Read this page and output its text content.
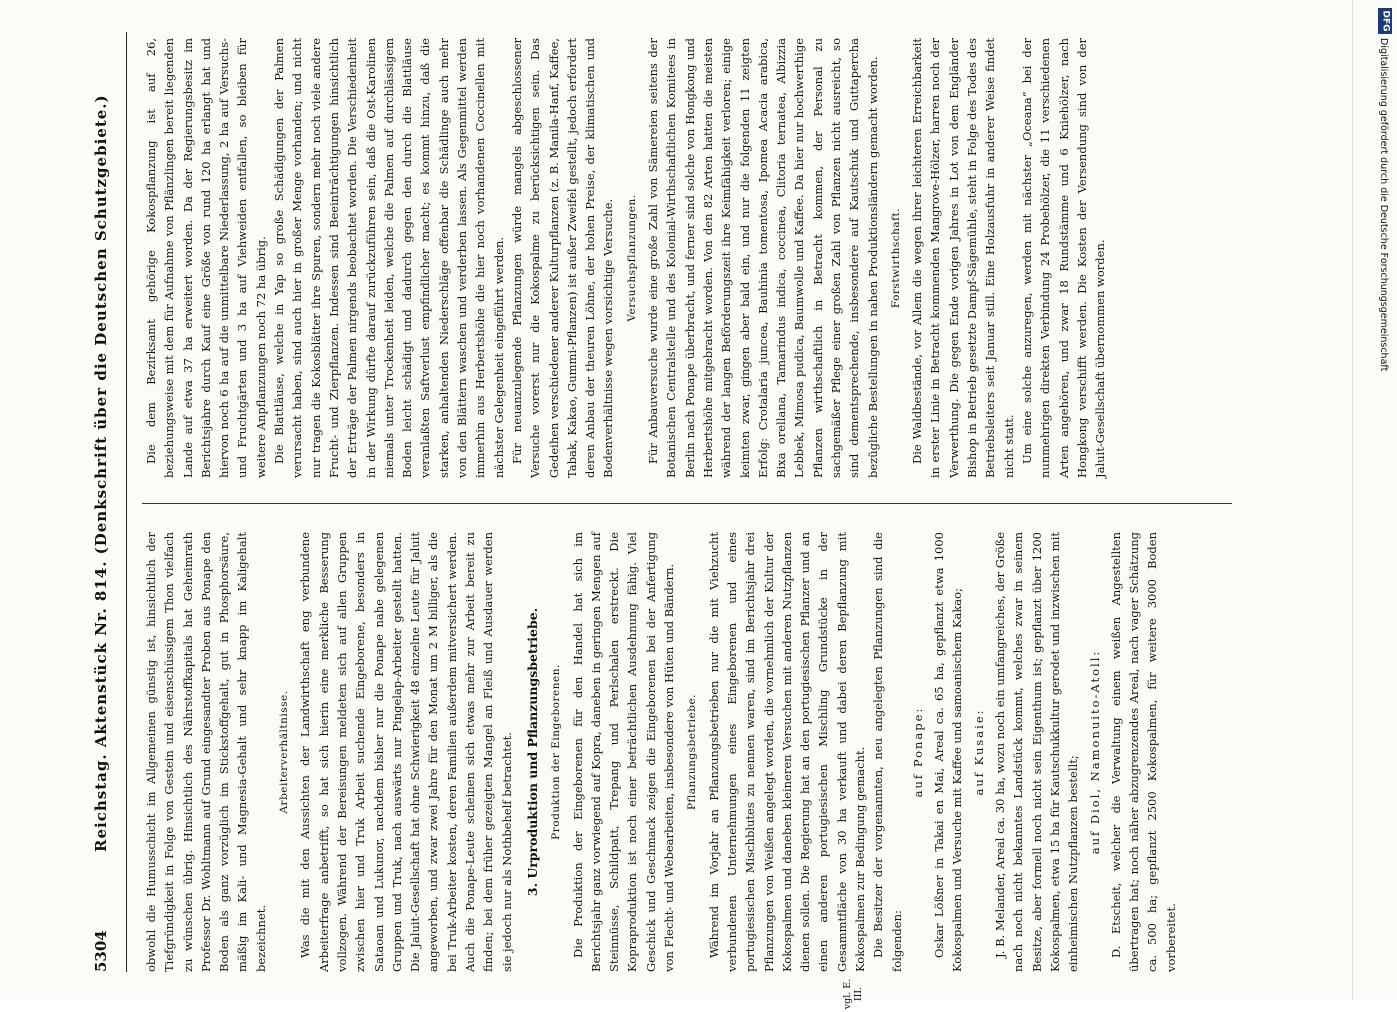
5304
Reichstag. Aktenstück Nr. 814. (Denkschrift über die Deutschen Schutzgebiete.)
vgl. E. III.

obwohl die Humusschicht im Allgemeinen günstig ist, hinsichtlich der Tiefgründigkeit in Folge von Gestein und eisenschüssigem Thon vielfach zu wünschen übrig. Hinsichtlich des Nährstoffkapitals hat Geheimrath Professor Dr. Wohltmann auf Grund eingesandter Proben aus Ponape den Boden als ganz vorzüglich im Stickstoffgehalt, gut in Phosphorsäure, mäßig im Kali- und Magnesia-Gehalt und sehr knapp im Kaligehalt bezeichnet.

Arbeiterverhältnisse. Was die mit den Aussichten der Landwirthschaft eng verbundene Arbeiterfrage anbetrifft, so hat sich hierin eine merkliche Besserung vollzogen. Während der Bereisungen meldeten sich auf allen Gruppen zwischen hier und Truk Arbeit suchende Eingeborene, besonders in Sataoan und Lukunor, nachdem bisher nur die Ponape nahe gelegenen Gruppen und Truk, nach auswärts nur Pingelap-Arbeiter gestellt hatten. Die Jaluit-Gesellschaft hat ohne Schwierigkeit 48 einzelne Leute für Jaluit angeworben, und zwar zwei Jahre für den Monat um 2 M billiger, als die bei Truk-Arbeiter kosten, deren Familien außerdem mitversichert werden. Auch die Ponape-Leute scheinen sich etwas mehr zur Arbeit bereit zu finden; bei dem früher gezeigten Mangel an Fleiß und Ausdauer werden sie jedoch nur als Nothbehelf betrachtet. 3. Urproduktion und Pflanzungsbetriebe. Produktion der Eingeborenen. Die Produktion der Eingeborenen für den Handel hat sich im Berichtsjahr ganz vorwiegend auf Kopra, daneben in geringen Mengen auf Steinnüsse, Schildpatt, Trepang und Perlschalen erstreckt. Die Kopraproduktion ist noch einer beträchtlichen Ausdehnung fähig. Viel Geschick und Geschmack zeigen die Eingeborenen bei der Anfertigung von Flecht- und Webearbeiten, insbesondere von Hüten und Bändern. Pflanzungsbetriebe. Während im Vorjahr an Pflanzungsbetrieben nur die mit Viehzucht verbundenen Unternehmungen eines Eingeborenen und eines portugiesischen Mischblutes zu nennen waren, sind im Berichtsjahr drei Pflanzungen von Weißen angelegt worden, die vornehmlich der Kultur der Kokospalmen und daneben kleineren Versuchen mit anderen Nutzpflanzen dienen sollen. Die Regierung hat an den portugiesischen Pflanzer und an einen anderen portugiesischen Mischling Grundstücke in der Gesammtfläche von 30 ha verkauft und dabei deren Bepflanzung mit Kokospalmen zur Bedingung gemacht. Die Besitzer der vorgenannten, neu angelegten Pflanzungen sind die folgenden:

auf Ponape: Oskar Lößner in Takai en Mai, Areal ca. 65 ha, gepflanzt etwa 1000 Kokospalmen und Versuche mit Kaffee und samoanischem Kakao; auf Kusaie: J. B. Melander, Areal ca. 30 ha, wozu noch ein umfangreiches, der Größe nach noch nicht bekanntes Landstück kommt, welches zwar in seinem Besitze, aber formell noch nicht sein Eigenthum ist; gepflanzt über 1200 Kokospalmen, etwa 15 ha für Kautschukkultur gerodet und inzwischen mit einheimischen Nutzpflanzen bestellt;

auf Diol, Namonuito-Atoll: D. Etscheit, welcher die Verwaltung einem weißen Angestellten übertragen hat; noch näher abzugrenzendes Areal, nach vager Schätzung ca. 500 ha; gepflanzt 2500 Kokospalmen, für weitere 3000 Boden vorbereitet.

Die dem Bezirksamt gehörige Kokospflanzung ist auf 26, beziehungsweise mit dem für Aufnahme von Pflänzlingen bereit liegenden Lande auf etwa 37 ha erweitert worden. Da der Regierungsbesitz im Berichtsjahre durch Kauf eine Größe von rund 120 ha erlangt hat und hiervon noch 6 ha auf die unmittelbare Niederlassung, 2 ha auf Versuchs- und Fruchtgärten und 3 ha auf Viehweiden entfallen, so bleiben für weitere Anpflanzungen noch 72 ha übrig. Die Blattläuse, welche in Yap so große Schädigungen der Palmen verursacht haben, sind auch hier in großer Menge vorhanden; und nicht nur tragen die Kokosblätter ihre Spuren, sondern mehr noch viele andere Frucht- und Zierpflanzen. Indessen sind Beeinträchtigungen hinsichtlich der Erträge der Palmen nirgends beobachtet worden. Die Verschiedenheit in der Wirkung dürfte darauf zurückzuführen sein, daß die Ost-Karolinen niemals unter Trockenheit leiden, welche die Palmen auf durchlässigem Boden leicht schädigt und dadurch gegen den durch die Blattläuse veranlaßten Saftverlust empfindlicher macht; es kommt hinzu, daß die starken, anhaltenden Niederschläge offenbar die Schädlinge auch mehr von den Blättern waschen und verderben lassen. Als Gegenmittel werden immerhin aus Herbertshöhe die hier noch vorhandenen Coccinellen mit nächster Gelegenheit eingeführt werden. Für neuanzulegende Pflanzungen würde mangels abgeschlossener Versuche vorerst nur die Kokospalme zu berücksichtigen sein. Das Gedeihen verschiedener anderer Kulturpflanzen (z. B. Manila-Hanf, Kaffee, Tabak, Kakao, Gummi-Pflanzen) ist außer Zweifel gestellt, jedoch erfordert deren Anbau der theuren Löhne, der hohen Preise, der klimatischen und Bodenverhältnisse wegen vorsichtige Versuche. Versuchspflanzungen. Für Anbauversuche wurde eine große Zahl von Sämereien seitens der Botanischen Centralstelle und des Kolonial-Wirthschaftlichen Komitees in Berlin nach Ponape überbracht, und ferner sind solche von Hongkong und Herbertshöhe mitgebracht worden. Von den 82 Arten hatten die meisten während der langen Beförderungszeit ihre Keimfähigkeit verloren; einige keimten zwar, gingen aber bald ein, und nur die folgenden 11 zeigten Erfolg: Crotalaria juncea, Bauhinia tomentosa, Ipomea Acacia arabica, Bixa orellana, Tamarindus indica, coccinea, Clitoria ternatea, Albizzia Lebbek, Mimosa pudica, Baumwolle und Kaffee. Da hier nur hochwerthige Pflanzen wirthschaftlich in Betracht kommen, der Personal zu sachgemäßer Pflege einer großen Zahl von Pflanzen nicht ausreicht, so sind dementsprechende, insbesondere auf Kautschuk und Guttapercha bezügliche Bestellungen in nahen Produktionsländern gemacht worden. Forstwirthschaft. Die Waldbestände, vor Allem die wegen ihrer leichteren Erreichbarkeit in erster Linie in Betracht kommenden Mangrove-Hölzer, harren noch der Verwerthung. Die gegen Ende vorigen Jahres in Lot von dem Engländer Bishop in Betrieb gesetzte Dampf-Sägemühle, steht in Folge des Todes des Betriebsleiters seit Januar still. Eine Holzausfuhr in anderer Weise findet nicht statt. Um eine solche anzuregen, werden mit nächster „Oceana“ bei der nunmehrigen direkten Verbindung 24 Probehölzer, die 11 verschiedenen Arten angehören, und zwar 18 Rundstämme und 6 Kniehölzer, nach Hongkong verschifft werden. Die Kosten der Versendung sind von der Jaluit-Gesellschaft übernommen worden.

DFG
Digitalisierung gefördert durch die Deutsche Forschungsgemeinschaft
